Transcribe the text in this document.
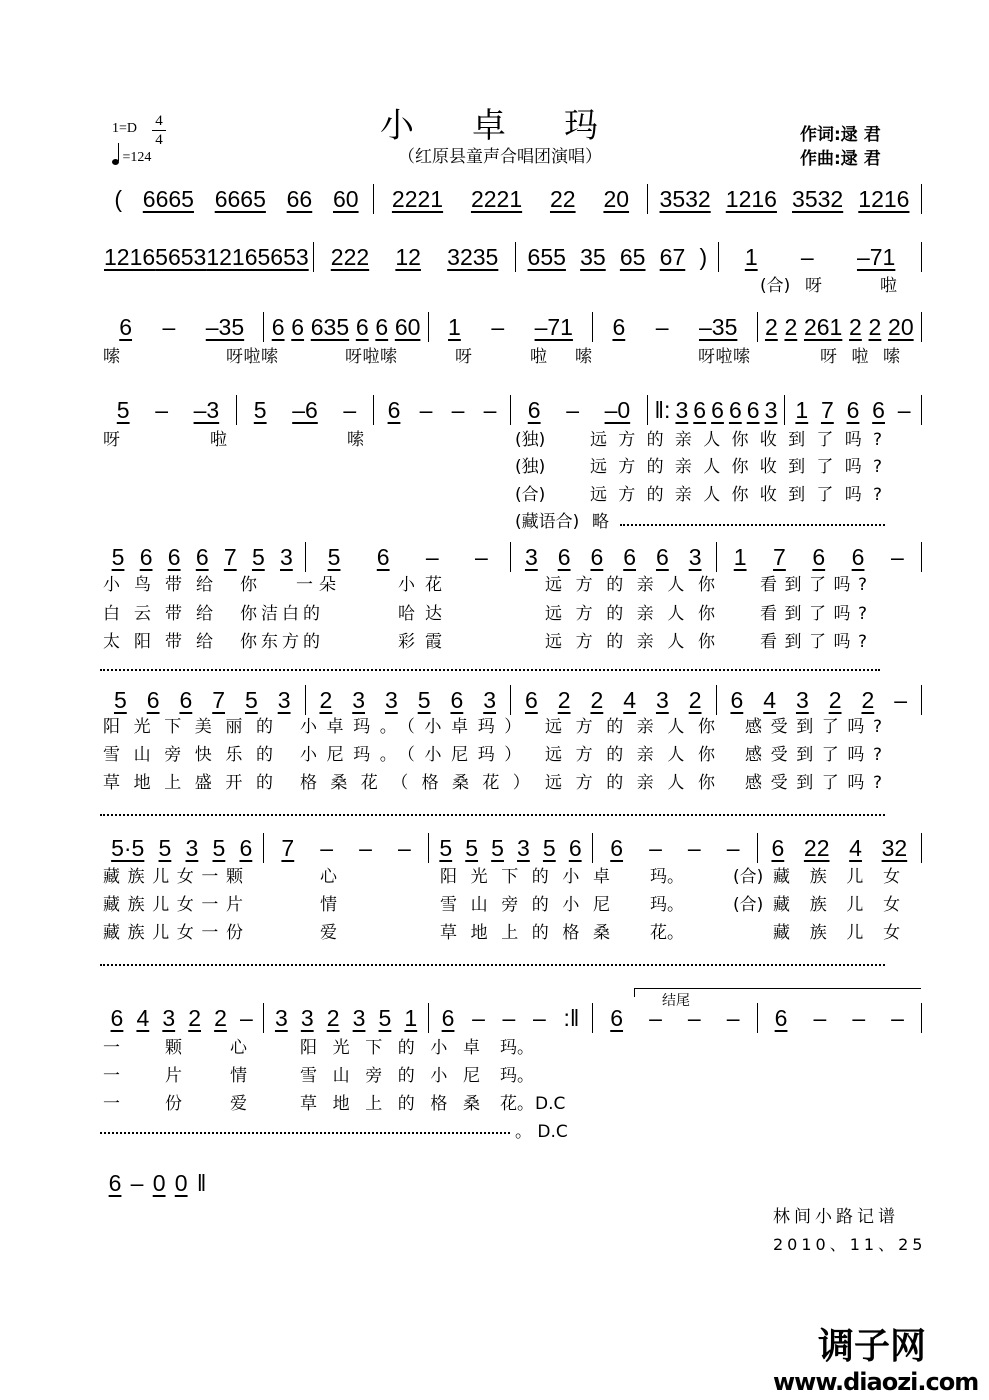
小卓玛
（红原县童声合唱团演唱）
1=D 4
4
=124
作词:逯 君
作曲:逯 君
( 6665 6665 66 60 2221 2221 22 20 3532 1216 3532 1216
1216 5653 1216 5653 222 12 3235 655 35 65 67 ) 1 – –71
6 – –35 6 6 635 6 6 60 1 – –71 6 – –35 2 2 261 2 2 20
5 – –3 5 –6 – 6 – – – 6 – –0 ‖: 3 6 6 6 6 3 1 7 6 6 –
5 6 6 6 7 5 3 5 6 – – 3 6 6 6 6 3 1 7 6 6 –
5 6 6 7 5 3 2 3 3 5 6 3 6 2 2 4 3 2 6 4 3 2 2 –
5·5 5 3 5 6 7 – – – 5 5 5 3 5 6 6 – – – 6 22 4 32
6 4 3 2 2 – 3 3 2 3 5 1 6 – – – :‖ 6 – – – 6 – – –
6 – 0 0 ‖
结尾
(合) 呀	啦
嗦	呀啦嗦	呀啦嗦	呀	啦 嗦	呀啦嗦	呀啦嗦
呀	啦	嗦	(独)	远方的亲人你收到了吗?
(独)	远方的亲人你收到了吗?
(合)	远方的亲人你收到了吗?
(藏语合) 略
小鸟带给 你 一朵	小花	远方的亲人你 看到了吗?
白云带给 你洁白的	哈达	远方的亲人你 看到了吗?
太阳带给 你东方的	彩霞	远方的亲人你 看到了吗?
阳光下美丽的 小卓玛。（小卓玛） 远方的亲人你 感受到了吗?
雪山旁快乐的 小尼玛。（小尼玛） 远方的亲人你 感受到了吗?
草地上盛开的 格桑花（格桑花） 远方的亲人你 感受到了吗?
藏族儿女一颗	心	阳光下的小卓 玛。	(合) 藏族儿女
藏族儿女一片	情	雪山旁的小尼 玛。	(合) 藏族儿女
藏族儿女一份	爱	草地上的格桑 花。	藏族儿女
一	颗	心	阳光下的小卓 玛。
一	片	情	雪山旁的小尼 玛。
一	份	爱	草地上的格桑 花。 D.C
。 D.C
林间小路记谱
2010、11、25
调子网
www.diaozi.com
